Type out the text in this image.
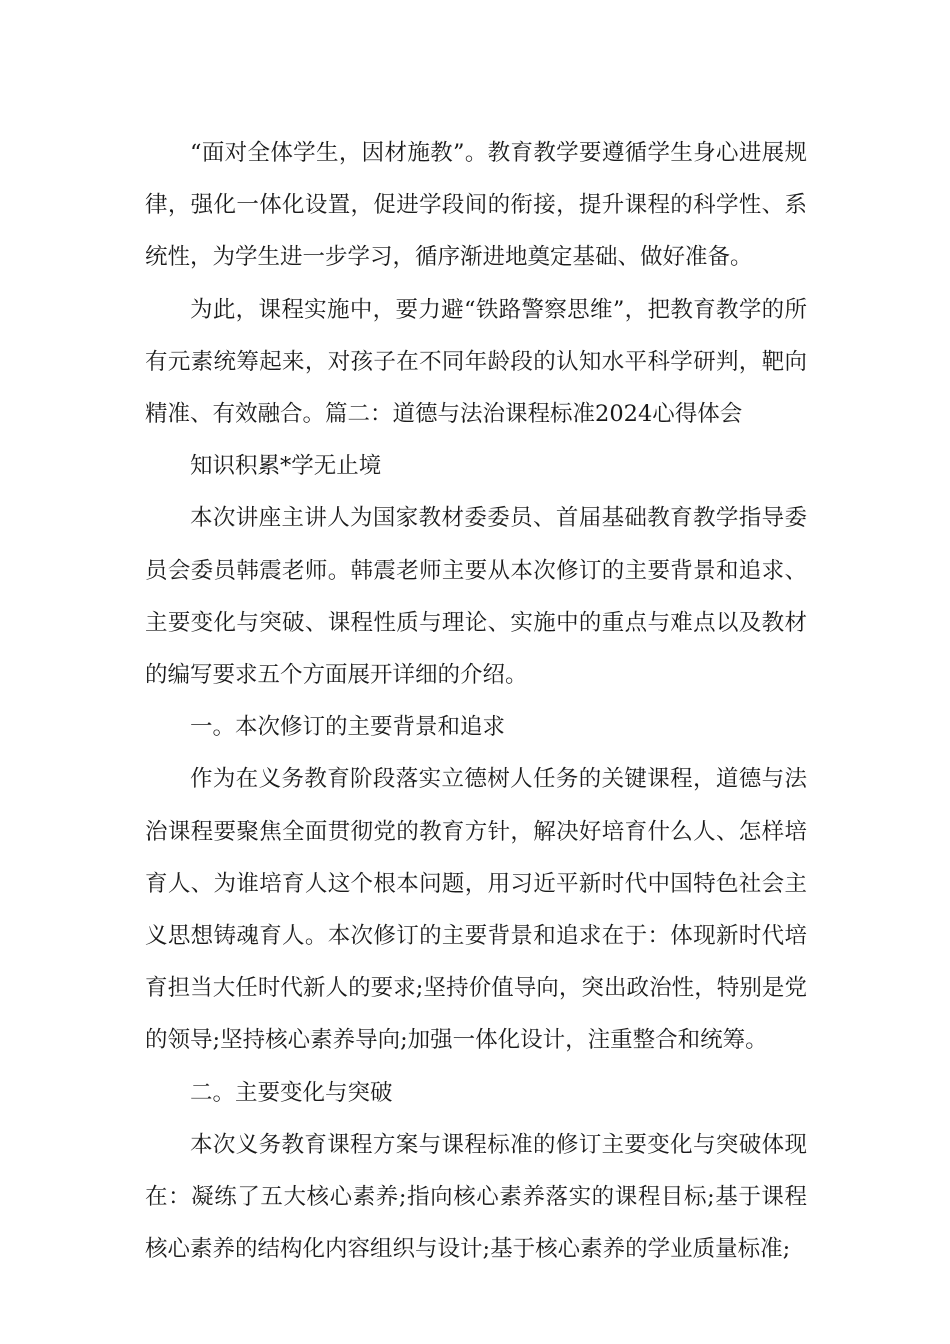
“面对全体学生，因材施教”。教育教学要遵循学生身心进展规律，强化一体化设置，促进学段间的衔接，提升课程的科学性、系统性，为学生进一步学习，循序渐进地奠定基础、做好准备。

为此，课程实施中，要力避“铁路警察思维”，把教育教学的所有元素统筹起来，对孩子在不同年龄段的认知水平科学研判，靶向精准、有效融合。篇二：道德与法治课程标准2024心得体会

知识积累*学无止境

本次讲座主讲人为国家教材委委员、首届基础教育教学指导委员会委员韩震老师。韩震老师主要从本次修订的主要背景和追求、主要变化与突破、课程性质与理论、实施中的重点与难点以及教材的编写要求五个方面展开详细的介绍。

一。本次修订的主要背景和追求

作为在义务教育阶段落实立德树人任务的关键课程，道德与法治课程要聚焦全面贯彻党的教育方针，解决好培育什么人、怎样培育人、为谁培育人这个根本问题，用习近平新时代中国特色社会主义思想铸魂育人。本次修订的主要背景和追求在于：体现新时代培育担当大任时代新人的要求;坚持价值导向，突出政治性，特别是党的领导;坚持核心素养导向;加强一体化设计，注重整合和统筹。

二。主要变化与突破

本次义务教育课程方案与课程标准的修订主要变化与突破体现在：凝练了五大核心素养;指向核心素养落实的课程目标;基于课程核心素养的结构化内容组织与设计;基于核心素养的学业质量标准;
